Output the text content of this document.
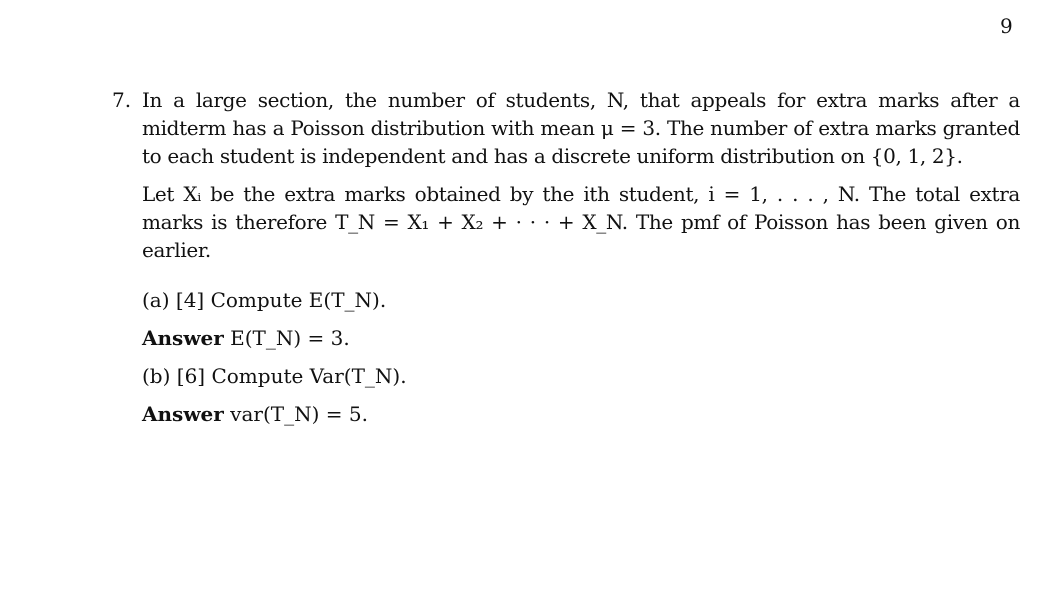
9
7. In a large section, the number of students, N, that appeals for extra marks after a
midterm has a Poisson distribution with mean μ = 3. The number of extra marks granted
to each student is independent and has a discrete uniform distribution on {0, 1, 2}.
Let Xᵢ be the extra marks obtained by the ith student, i = 1, . . . , N. The total extra
marks is therefore T_N = X₁ + X₂ + · · · + X_N. The pmf of Poisson has been given on
earlier.
(a) [4] Compute E(T_N).
Answer E(T_N) = 3.
(b) [6] Compute Var(T_N).
Answer var(T_N) = 5.
